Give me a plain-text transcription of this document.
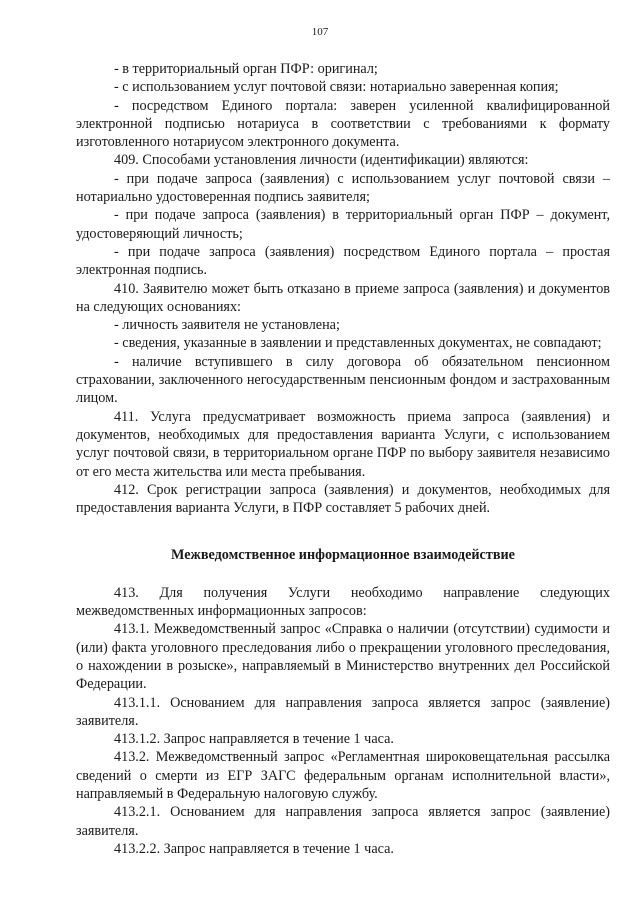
107

- в территориальный орган ПФР: оригинал;

- с использованием услуг почтовой связи: нотариально заверенная копия;

- посредством Единого портала: заверен усиленной квалифицированной электронной подписью нотариуса в соответствии с требованиями к формату изготовленного нотариусом электронного документа.

409. Способами установления личности (идентификации) являются:

- при подаче запроса (заявления) с использованием услуг почтовой связи – нотариально удостоверенная подпись заявителя;

- при подаче запроса (заявления) в территориальный орган ПФР – документ, удостоверяющий личность;

- при подаче запроса (заявления) посредством Единого портала – простая электронная подпись.

410. Заявителю может быть отказано в приеме запроса (заявления) и документов на следующих основаниях:

- личность заявителя не установлена;

- сведения, указанные в заявлении и представленных документах, не совпадают;

- наличие вступившего в силу договора об обязательном пенсионном страховании, заключенного негосударственным пенсионным фондом и застрахованным лицом.

411. Услуга предусматривает возможность приема запроса (заявления) и документов, необходимых для предоставления варианта Услуги, с использованием услуг почтовой связи, в территориальном органе ПФР по выбору заявителя независимо от его места жительства или места пребывания.

412. Срок регистрации запроса (заявления) и документов, необходимых для предоставления варианта Услуги, в ПФР составляет 5 рабочих дней.

Межведомственное информационное взаимодействие

413. Для получения Услуги необходимо направление следующих межведомственных информационных запросов:

413.1. Межведомственный запрос «Справка о наличии (отсутствии) судимости и (или) факта уголовного преследования либо о прекращении уголовного преследования, о нахождении в розыске», направляемый в Министерство внутренних дел Российской Федерации.

413.1.1. Основанием для направления запроса является запрос (заявление) заявителя.

413.1.2. Запрос направляется в течение 1 часа.

413.2. Межведомственный запрос «Регламентная широковещательная рассылка сведений о смерти из ЕГР ЗАГС федеральным органам исполнительной власти», направляемый в Федеральную налоговую службу.

413.2.1. Основанием для направления запроса является запрос (заявление) заявителя.

413.2.2. Запрос направляется в течение 1 часа.
